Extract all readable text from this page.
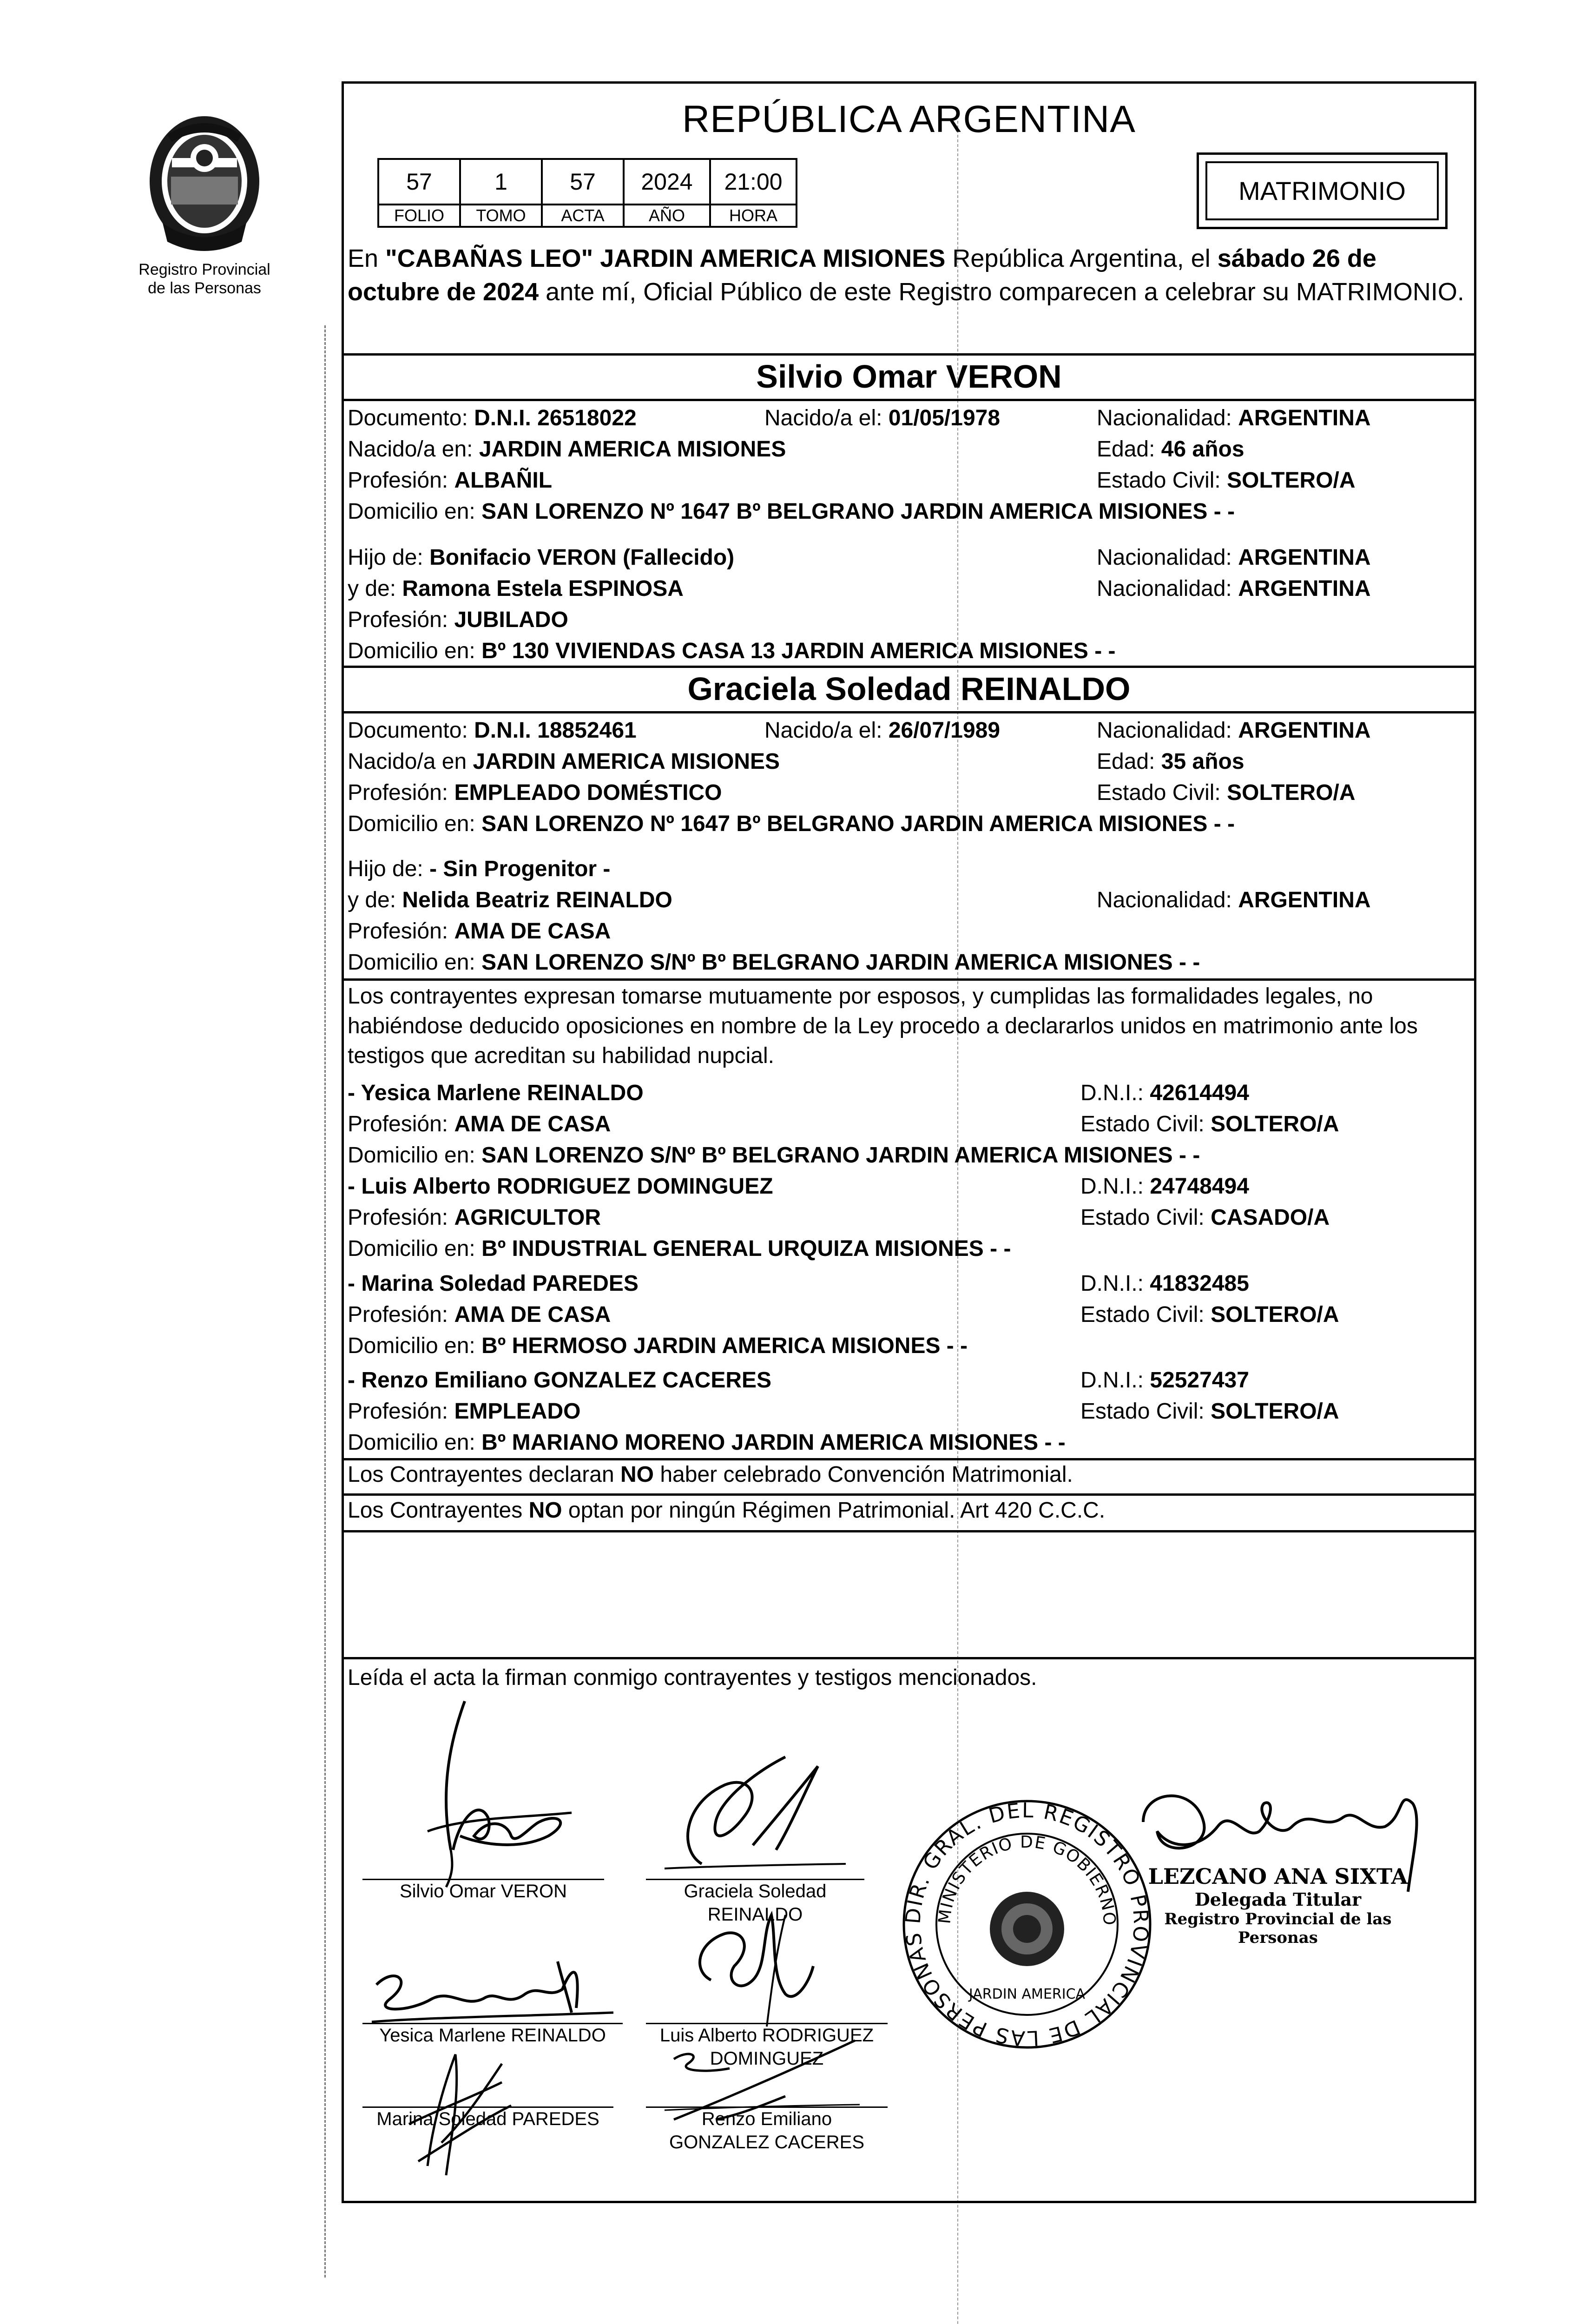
Registro Provincial
de las Personas
REPÚBLICA ARGENTINA
57	1	57	2024	21:00
FOLIO	TOMO	ACTA	AÑO	HORA
MATRIMONIO
En "CABAÑAS LEO" JARDIN AMERICA MISIONES República Argentina, el sábado 26 de octubre de 2024 ante mí, Oficial Público de este Registro comparecen a celebrar su MATRIMONIO.
Silvio Omar VERON
Documento: D.N.I. 26518022	Nacido/a el: 01/05/1978	Nacionalidad: ARGENTINA
Nacido/a en: JARDIN AMERICA MISIONES	Edad: 46 años
Profesión: ALBAÑIL	Estado Civil: SOLTERO/A
Domicilio en: SAN LORENZO Nº 1647 Bº BELGRANO JARDIN AMERICA MISIONES - -
Hijo de: Bonifacio VERON (Fallecido)	Nacionalidad: ARGENTINA
y de: Ramona Estela ESPINOSA	Nacionalidad: ARGENTINA
Profesión: JUBILADO
Domicilio en: Bº 130 VIVIENDAS CASA 13 JARDIN AMERICA MISIONES - -
Graciela Soledad REINALDO
Documento: D.N.I. 18852461	Nacido/a el: 26/07/1989	Nacionalidad: ARGENTINA
Nacido/a en JARDIN AMERICA MISIONES	Edad: 35 años
Profesión: EMPLEADO DOMÉSTICO	Estado Civil: SOLTERO/A
Domicilio en: SAN LORENZO Nº 1647 Bº BELGRANO JARDIN AMERICA MISIONES - -
Hijo de: - Sin Progenitor -
y de: Nelida Beatriz REINALDO	Nacionalidad: ARGENTINA
Profesión: AMA DE CASA
Domicilio en: SAN LORENZO S/Nº Bº BELGRANO JARDIN AMERICA MISIONES - -
Los contrayentes expresan tomarse mutuamente por esposos, y cumplidas las formalidades legales, no habiéndose deducido oposiciones en nombre de la Ley procedo a declararlos unidos en matrimonio ante los testigos que acreditan su habilidad nupcial.
- Yesica Marlene REINALDO	D.N.I.: 42614494
Profesión: AMA DE CASA	Estado Civil: SOLTERO/A
Domicilio en: SAN LORENZO S/Nº Bº BELGRANO JARDIN AMERICA MISIONES - -
- Luis Alberto RODRIGUEZ DOMINGUEZ	D.N.I.: 24748494
Profesión: AGRICULTOR	Estado Civil: CASADO/A
Domicilio en: Bº INDUSTRIAL GENERAL URQUIZA MISIONES - -
- Marina Soledad PAREDES	D.N.I.: 41832485
Profesión: AMA DE CASA	Estado Civil: SOLTERO/A
Domicilio en: Bº HERMOSO JARDIN AMERICA MISIONES - -
- Renzo Emiliano GONZALEZ CACERES	D.N.I.: 52527437
Profesión: EMPLEADO	Estado Civil: SOLTERO/A
Domicilio en: Bº MARIANO MORENO JARDIN AMERICA MISIONES - -
Los Contrayentes declaran NO haber celebrado Convención Matrimonial.
Los Contrayentes NO optan por ningún Régimen Patrimonial. Art 420 C.C.C.
Leída el acta la firman conmigo contrayentes y testigos mencionados.
Silvio Omar VERON	Graciela Soledad
REINALDO
Yesica Marlene REINALDO	Luis Alberto RODRIGUEZ
DOMINGUEZ
Marina Soledad PAREDES	Renzo Emiliano
GONZALEZ CACERES
DIR. GRAL. DEL REGISTRO PROVINCIAL DE LAS PERSONAS
MINISTERIO DE GOBIERNO
JARDIN AMERICA
LEZCANO ANA SIXTA
Delegada Titular
Registro Provincial de las Personas
